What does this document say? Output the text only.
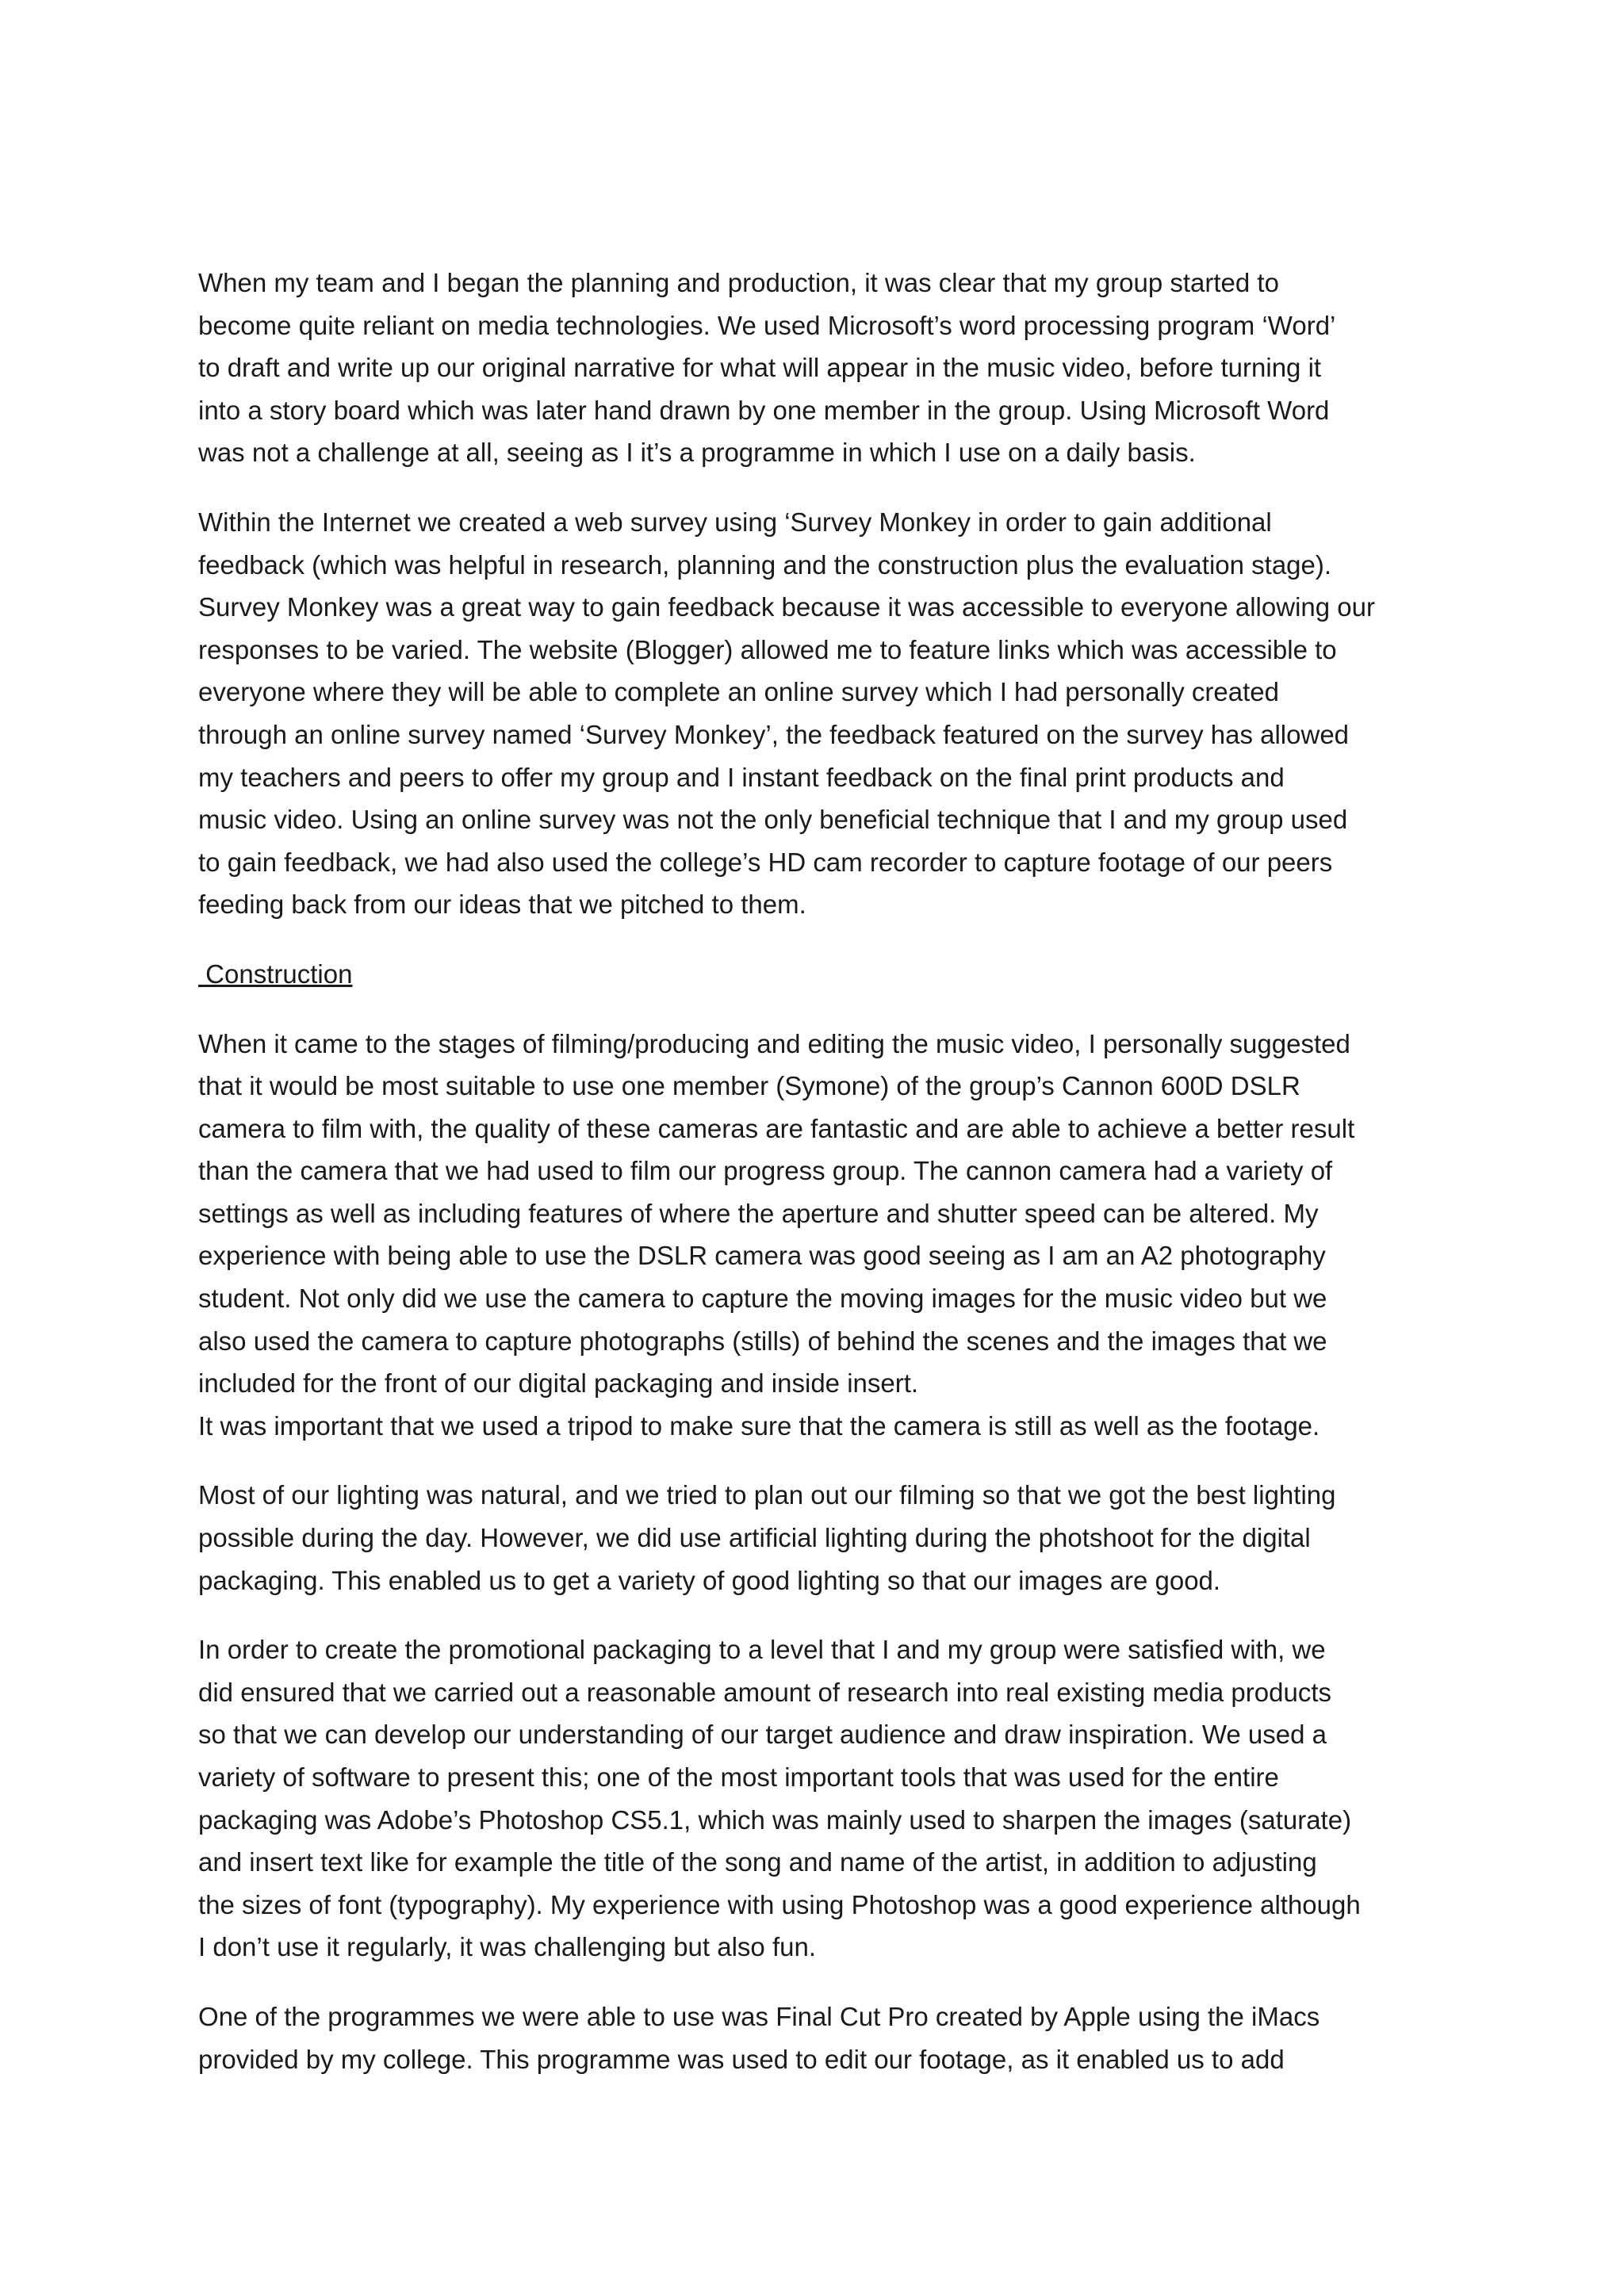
When my team and I began the planning and production, it was clear that my group started to
become quite reliant on media technologies. We used Microsoft’s word processing program ‘Word’
to draft and write up our original narrative for what will appear in the music video, before turning it
into a story board which was later hand drawn by one member in the group. Using Microsoft Word
was not a challenge at all, seeing as I it’s a programme in which I use on a daily basis.

Within the Internet we created a web survey using ‘Survey Monkey in order to gain additional
feedback (which was helpful in research, planning and the construction plus the evaluation stage).
Survey Monkey was a great way to gain feedback because it was accessible to everyone allowing our
responses to be varied. The website (Blogger) allowed me to feature links which was accessible to
everyone where they will be able to complete an online survey which I had personally created
through an online survey named ‘Survey Monkey’, the feedback featured on the survey has allowed
my teachers and peers to offer my group and I instant feedback on the final print products and
music video. Using an online survey was not the only beneficial technique that I and my group used
to gain feedback, we had also used the college’s HD cam recorder to capture footage of our peers
feeding back from our ideas that we pitched to them.

Construction

When it came to the stages of filming/producing and editing the music video, I personally suggested
that it would be most suitable to use one member (Symone) of the group’s Cannon 600D DSLR
camera to film with, the quality of these cameras are fantastic and are able to achieve a better result
than the camera that we had used to film our progress group. The cannon camera had a variety of
settings as well as including features of where the aperture and shutter speed can be altered. My
experience with being able to use the DSLR camera was good seeing as I am an A2 photography
student. Not only did we use the camera to capture the moving images for the music video but we
also used the camera to capture photographs (stills) of behind the scenes and the images that we
included for the front of our digital packaging and inside insert.
It was important that we used a tripod to make sure that the camera is still as well as the footage.

Most of our lighting was natural, and we tried to plan out our filming so that we got the best lighting
possible during the day. However, we did use artificial lighting during the photshoot for the digital
packaging. This enabled us to get a variety of good lighting so that our images are good.

In order to create the promotional packaging to a level that I and my group were satisfied with, we
did ensured that we carried out a reasonable amount of research into real existing media products
so that we can develop our understanding of our target audience and draw inspiration. We used a
variety of software to present this; one of the most important tools that was used for the entire
packaging was Adobe’s Photoshop CS5.1, which was mainly used to sharpen the images (saturate)
and insert text like for example the title of the song and name of the artist, in addition to adjusting
the sizes of font (typography). My experience with using Photoshop was a good experience although
I don’t use it regularly, it was challenging but also fun.

One of the programmes we were able to use was Final Cut Pro created by Apple using the iMacs
provided by my college. This programme was used to edit our footage, as it enabled us to add
